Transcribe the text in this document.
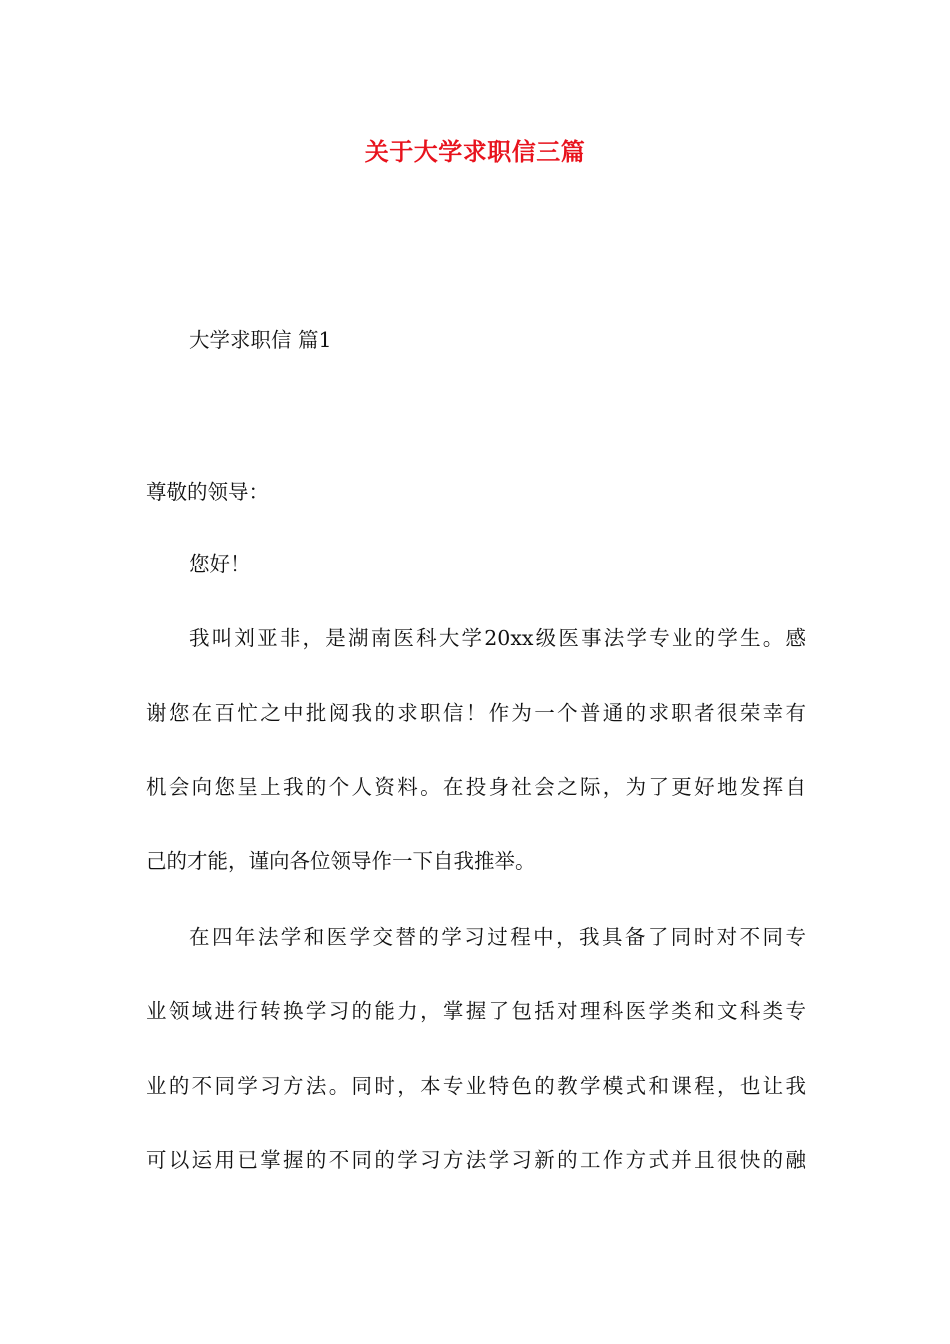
关于大学求职信三篇
大学求职信 篇1
尊敬的领导：
您好！
我叫刘亚非，是湖南医科大学20xx级医事法学专业的学生。感
谢您在百忙之中批阅我的求职信！作为一个普通的求职者很荣幸有
机会向您呈上我的个人资料。在投身社会之际，为了更好地发挥自
己的才能，谨向各位领导作一下自我推举。
在四年法学和医学交替的学习过程中，我具备了同时对不同专
业领域进行转换学习的能力，掌握了包括对理科医学类和文科类专
业的不同学习方法。同时，本专业特色的教学模式和课程，也让我
可以运用已掌握的不同的学习方法学习新的工作方式并且很快的融
